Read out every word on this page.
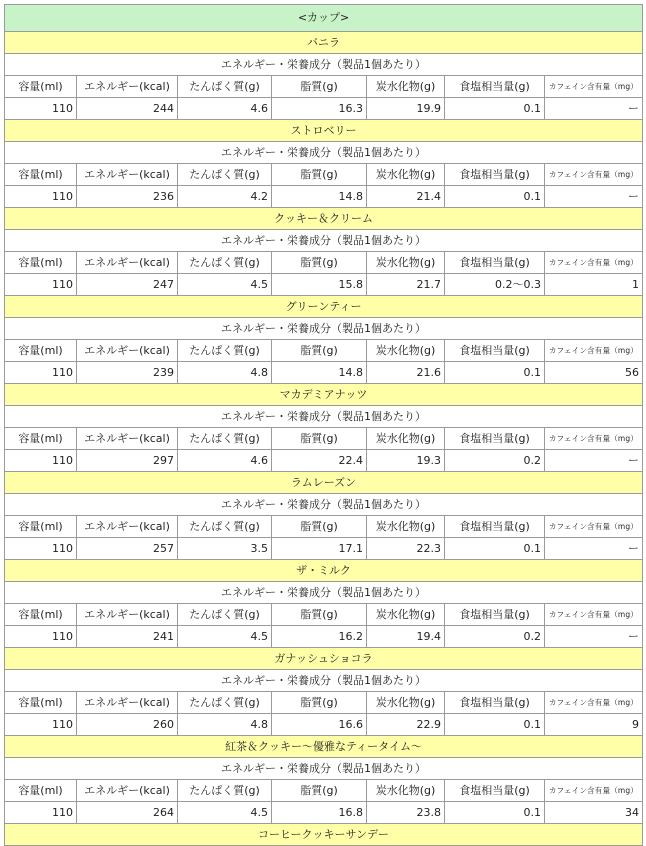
<カップ>						
バニラ						
エネルギー・栄養成分（製品1個あたり）						
容量(ml)	エネルギー(kcal)	たんぱく質(g)	脂質(g)	炭水化物(g)	食塩相当量(g)	カフェイン含有量（mg）
110	244	4.6	16.3	19.9	0.1	ー
ストロベリー						
エネルギー・栄養成分（製品1個あたり）						
容量(ml)	エネルギー(kcal)	たんぱく質(g)	脂質(g)	炭水化物(g)	食塩相当量(g)	カフェイン含有量（mg）
110	236	4.2	14.8	21.4	0.1	ー
クッキー＆クリーム						
エネルギー・栄養成分（製品1個あたり）						
容量(ml)	エネルギー(kcal)	たんぱく質(g)	脂質(g)	炭水化物(g)	食塩相当量(g)	カフェイン含有量（mg）
110	247	4.5	15.8	21.7	0.2～0.3	1
グリーンティー						
エネルギー・栄養成分（製品1個あたり）						
容量(ml)	エネルギー(kcal)	たんぱく質(g)	脂質(g)	炭水化物(g)	食塩相当量(g)	カフェイン含有量（mg）
110	239	4.8	14.8	21.6	0.1	56
マカデミアナッツ						
エネルギー・栄養成分（製品1個あたり）						
容量(ml)	エネルギー(kcal)	たんぱく質(g)	脂質(g)	炭水化物(g)	食塩相当量(g)	カフェイン含有量（mg）
110	297	4.6	22.4	19.3	0.2	ー
ラムレーズン						
エネルギー・栄養成分（製品1個あたり）						
容量(ml)	エネルギー(kcal)	たんぱく質(g)	脂質(g)	炭水化物(g)	食塩相当量(g)	カフェイン含有量（mg）
110	257	3.5	17.1	22.3	0.1	ー
ザ・ミルク						
エネルギー・栄養成分（製品1個あたり）						
容量(ml)	エネルギー(kcal)	たんぱく質(g)	脂質(g)	炭水化物(g)	食塩相当量(g)	カフェイン含有量（mg）
110	241	4.5	16.2	19.4	0.2	ー
ガナッシュショコラ						
エネルギー・栄養成分（製品1個あたり）						
容量(ml)	エネルギー(kcal)	たんぱく質(g)	脂質(g)	炭水化物(g)	食塩相当量(g)	カフェイン含有量（mg）
110	260	4.8	16.6	22.9	0.1	9
紅茶＆クッキー～優雅なティータイム～						
エネルギー・栄養成分（製品1個あたり）						
容量(ml)	エネルギー(kcal)	たんぱく質(g)	脂質(g)	炭水化物(g)	食塩相当量(g)	カフェイン含有量（mg）
110	264	4.5	16.8	23.8	0.1	34
コーヒークッキーサンデー						
